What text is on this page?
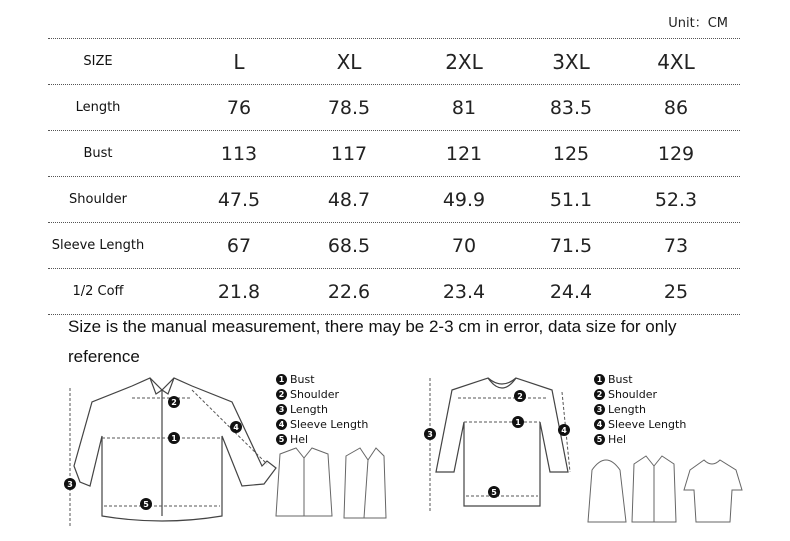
Unit：CM
SIZE	L	XL	2XL	3XL	4XL
Length	76	78.5	81	83.5	86
Bust	113	117	121	125	129
Shoulder	47.5	48.7	49.9	51.1	52.3
Sleeve Length	67	68.5	70	71.5	73
1/2 Coff	21.8	22.6	23.4	24.4	25
Size is the manual measurement, there may be 2-3 cm in error, data size for only reference
1
2
3
4
5
1 Bust
2 Shoulder
3 Length
4 Sleeve Length
5 Hel
1
2
3	4
5
1 Bust
2 Shoulder
3 Length
4 Sleeve Length
5 Hel
